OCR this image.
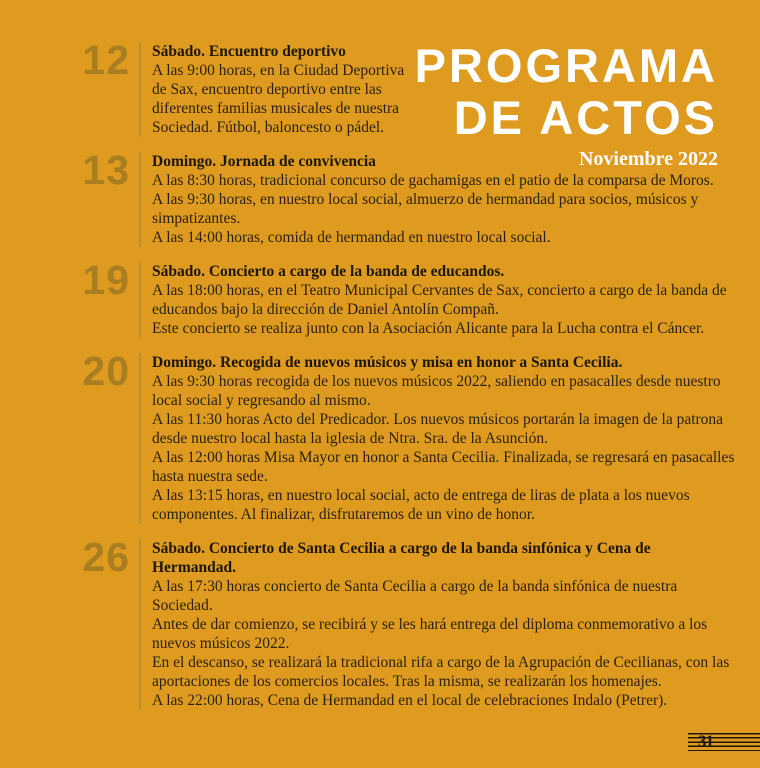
PROGRAMA
DE ACTOS
Noviembre 2022
12	Sábado. Encuentro deportivo

A las 9:00 horas, en la Ciudad Deportiva de Sax, encuentro deportivo entre las diferentes familias musicales de nuestra Sociedad. Fútbol, baloncesto o pádel.

13	Domingo. Jornada de convivencia

A las 8:30 horas, tradicional concurso de gachamigas en el patio de la comparsa de Moros.

A las 9:30 horas, en nuestro local social, almuerzo de hermandad para socios, músicos y simpatizantes.

A las 14:00 horas, comida de hermandad en nuestro local social.

19	Sábado. Concierto a cargo de la banda de educandos.

A las 18:00 horas, en el Teatro Municipal Cervantes de Sax, concierto a cargo de la banda de educandos bajo la dirección de Daniel Antolín Compañ.

Este concierto se realiza junto con la Asociación Alicante para la Lucha contra el Cáncer.

20	Domingo. Recogida de nuevos músicos y misa en honor a Santa Cecilia.

A las 9:30 horas recogida de los nuevos músicos 2022, saliendo en pasacalles desde nuestro local social y regresando al mismo.

A las 11:30 horas Acto del Predicador. Los nuevos músicos portarán la imagen de la patrona desde nuestro local hasta la iglesia de Ntra. Sra. de la Asunción.

A las 12:00 horas Misa Mayor en honor a Santa Cecilia. Finalizada, se regresará en pasacalles hasta nuestra sede.

A las 13:15 horas, en nuestro local social, acto de entrega de liras de plata a los nuevos componentes. Al finalizar, disfrutaremos de un vino de honor.

26	Sábado. Concierto de Santa Cecilia a cargo de la banda sinfónica y Cena de Hermandad.

A las 17:30 horas concierto de Santa Cecilia a cargo de la banda sinfónica de nuestra Sociedad.

Antes de dar comienzo, se recibirá y se les hará entrega del diploma conmemorativo a los nuevos músicos 2022.

En el descanso, se realizará la tradicional rifa a cargo de la Agrupación de Cecilianas, con las aportaciones de los comercios locales. Tras la misma, se realizarán los homenajes.

A las 22:00 horas, Cena de Hermandad en el local de celebraciones Indalo (Petrer).

31
